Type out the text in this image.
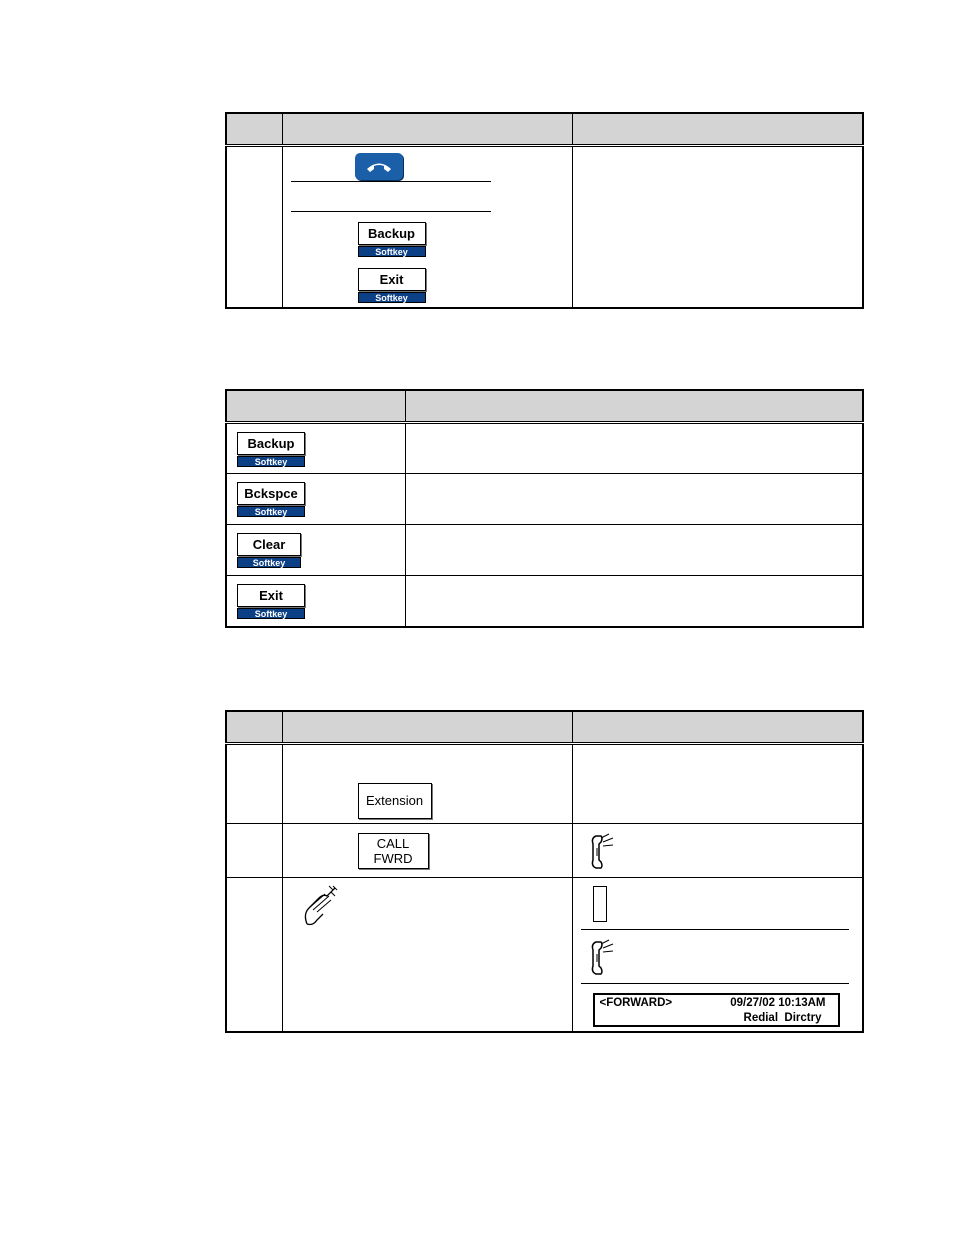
	Backup
Softkey
Exit
Softkey	

Backup
Softkey	

Bckspce
Softkey	

Clear
Softkey	

Exit
Softkey	

	Extension	

	CALL
FWRD

<FORWARD> 09/27/02 10:13AM
Redial  Dirctry
